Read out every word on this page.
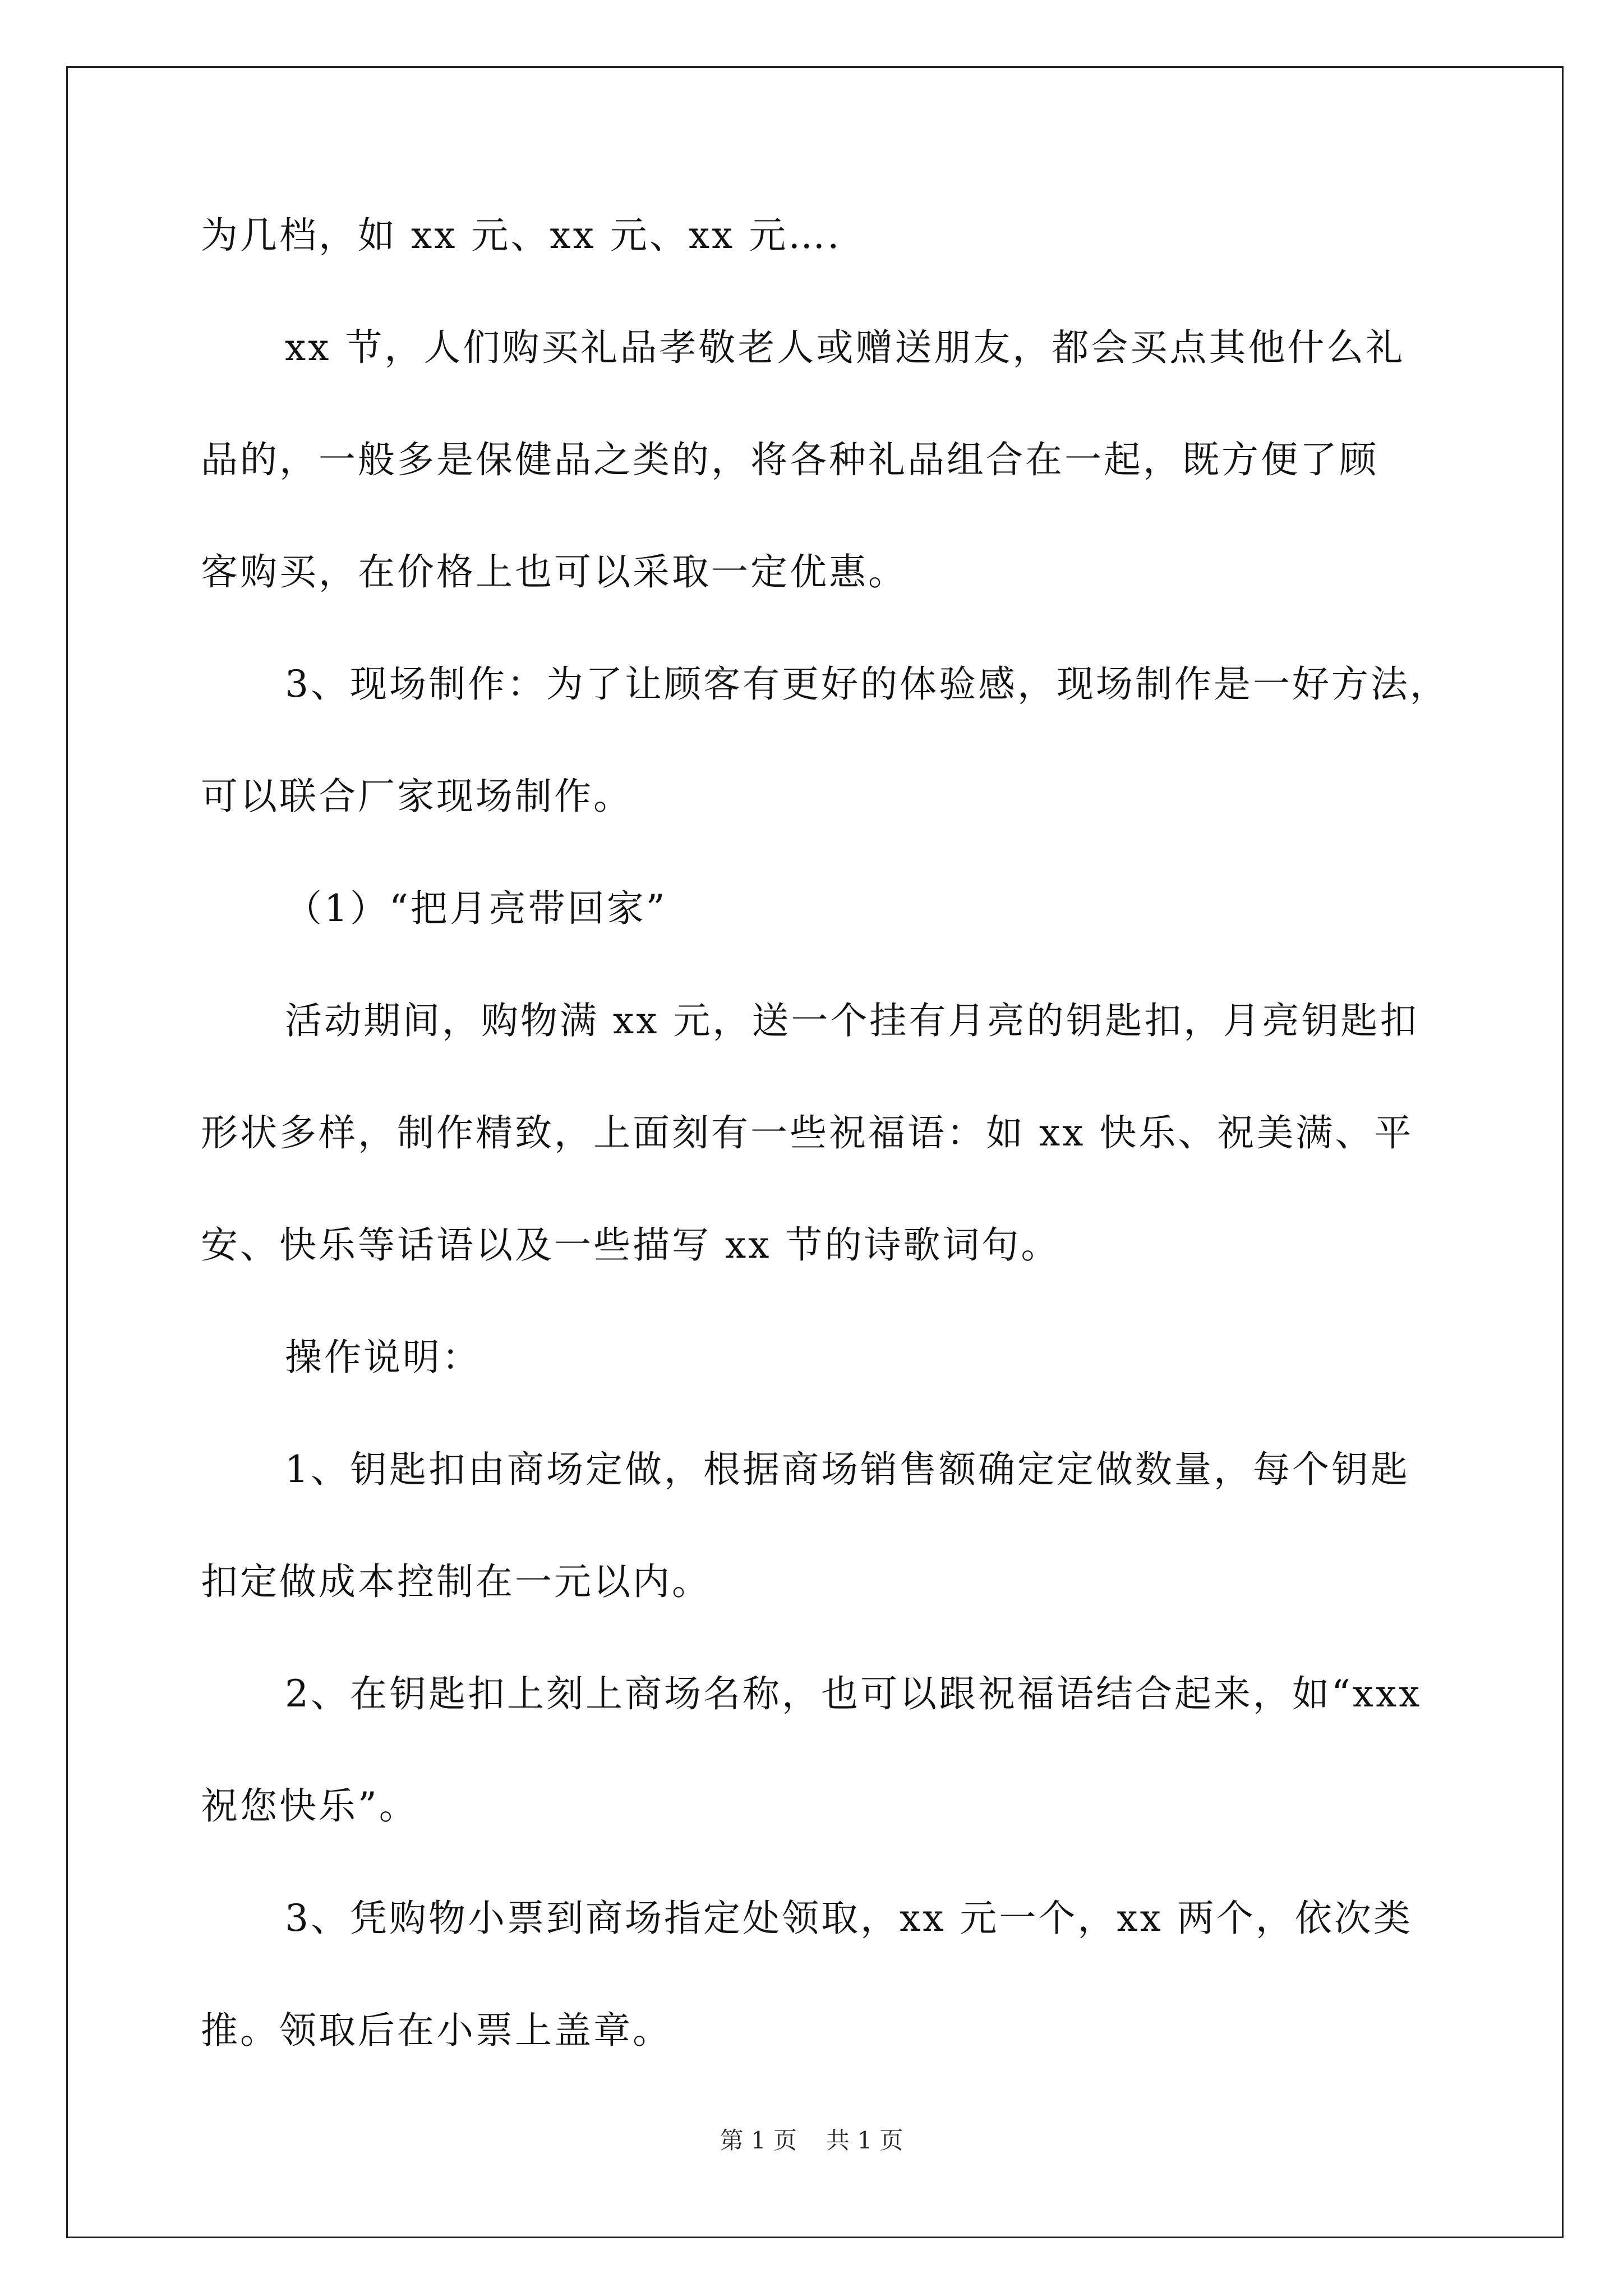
为几档，如 xx 元、xx 元、xx 元….
xx 节，人们购买礼品孝敬老人或赠送朋友，都会买点其他什么礼
品的，一般多是保健品之类的，将各种礼品组合在一起，既方便了顾
客购买，在价格上也可以采取一定优惠。
3、现场制作：为了让顾客有更好的体验感，现场制作是一好方法，
可以联合厂家现场制作。
（1）“把月亮带回家”
活动期间，购物满 xx 元，送一个挂有月亮的钥匙扣，月亮钥匙扣
形状多样，制作精致，上面刻有一些祝福语：如 xx 快乐、祝美满、平
安、快乐等话语以及一些描写 xx 节的诗歌词句。
操作说明：
1、钥匙扣由商场定做，根据商场销售额确定定做数量，每个钥匙
扣定做成本控制在一元以内。
2、在钥匙扣上刻上商场名称，也可以跟祝福语结合起来，如“xxx
祝您快乐”。
3、凭购物小票到商场指定处领取，xx 元一个，xx 两个，依次类
推。领取后在小票上盖章。
第 1 页 共 1 页
